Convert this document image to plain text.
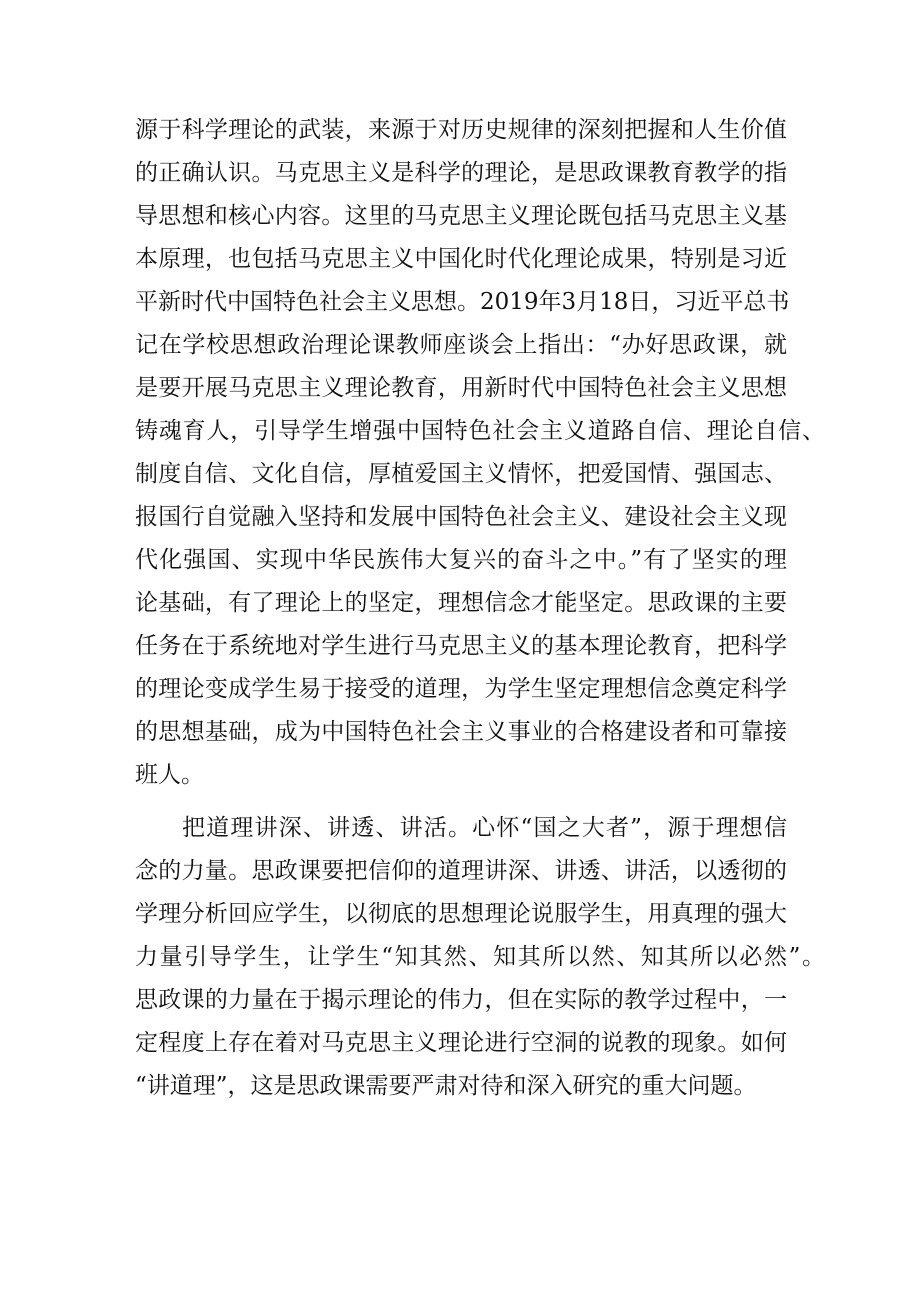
源于科学理论的武装，来源于对历史规律的深刻把握和人生价值
的正确认识。马克思主义是科学的理论，是思政课教育教学的指
导思想和核心内容。这里的马克思主义理论既包括马克思主义基
本原理，也包括马克思主义中国化时代化理论成果，特别是习近
平新时代中国特色社会主义思想。2019年3月18日，习近平总书
记在学校思想政治理论课教师座谈会上指出：“办好思政课，就
是要开展马克思主义理论教育，用新时代中国特色社会主义思想
铸魂育人，引导学生增强中国特色社会主义道路自信、理论自信、
制度自信、文化自信，厚植爱国主义情怀，把爱国情、强国志、
报国行自觉融入坚持和发展中国特色社会主义、建设社会主义现
代化强国、实现中华民族伟大复兴的奋斗之中。”有了坚实的理
论基础，有了理论上的坚定，理想信念才能坚定。思政课的主要
任务在于系统地对学生进行马克思主义的基本理论教育，把科学
的理论变成学生易于接受的道理，为学生坚定理想信念奠定科学
的思想基础，成为中国特色社会主义事业的合格建设者和可靠接
班人。
把道理讲深、讲透、讲活。心怀“国之大者”，源于理想信
念的力量。思政课要把信仰的道理讲深、讲透、讲活，以透彻的
学理分析回应学生，以彻底的思想理论说服学生，用真理的强大
力量引导学生，让学生“知其然、知其所以然、知其所以必然”。
思政课的力量在于揭示理论的伟力，但在实际的教学过程中，一
定程度上存在着对马克思主义理论进行空洞的说教的现象。如何
“讲道理”，这是思政课需要严肃对待和深入研究的重大问题。
